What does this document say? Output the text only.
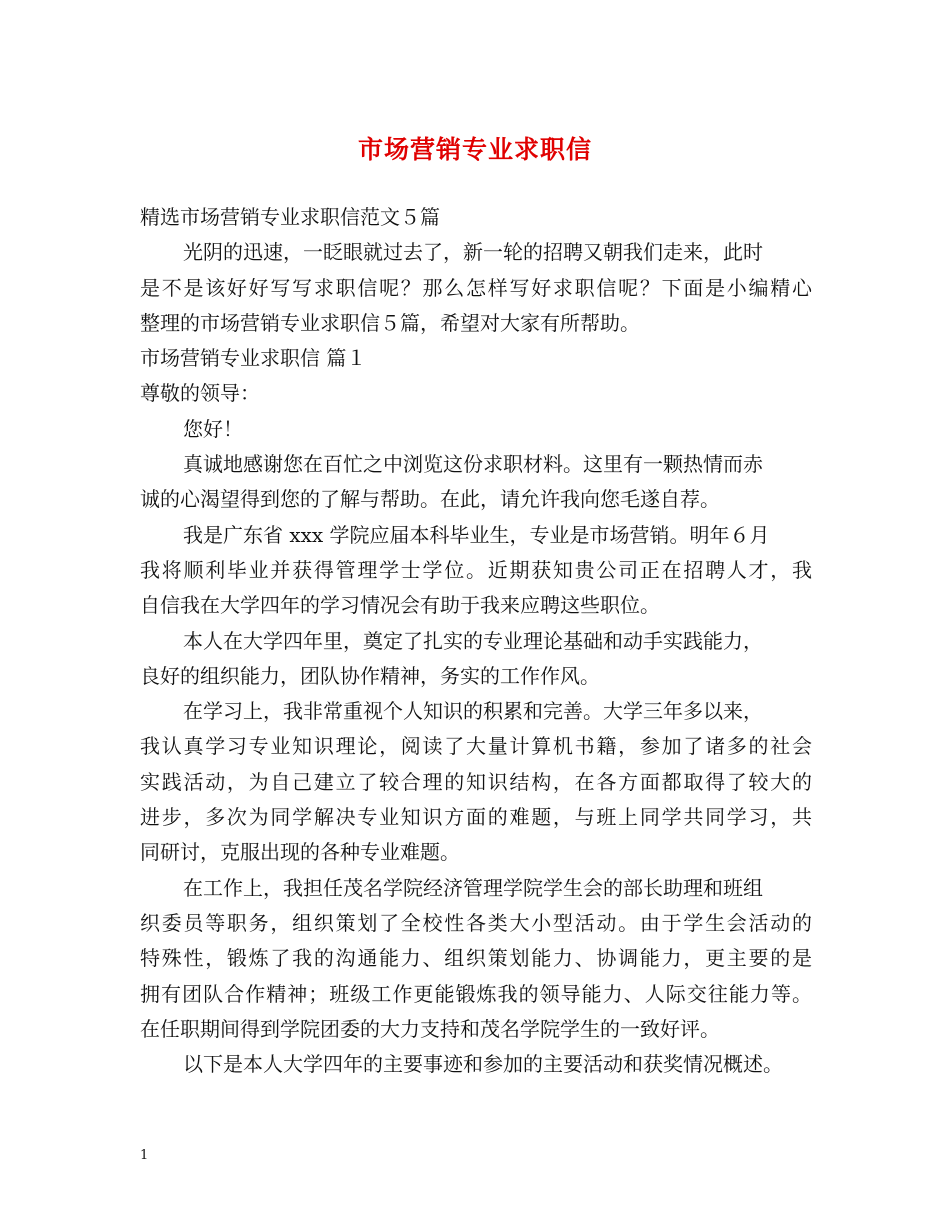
市场营销专业求职信
精选市场营销专业求职信范文５篇
光阴的迅速，一眨眼就过去了，新一轮的招聘又朝我们走来，此时
是不是该好好写写求职信呢？那么怎样写好求职信呢？下面是小编精心
整理的市场营销专业求职信５篇，希望对大家有所帮助。
市场营销专业求职信 篇１
尊敬的领导：
您好！
真诚地感谢您在百忙之中浏览这份求职材料。这里有一颗热情而赤
诚的心渴望得到您的了解与帮助。在此，请允许我向您毛遂自荐。
我是广东省 xxx 学院应届本科毕业生，专业是市场营销。明年６月
我将顺利毕业并获得管理学士学位。近期获知贵公司正在招聘人才，我
自信我在大学四年的学习情况会有助于我来应聘这些职位。
本人在大学四年里，奠定了扎实的专业理论基础和动手实践能力，
良好的组织能力，团队协作精神，务实的工作作风。
在学习上，我非常重视个人知识的积累和完善。大学三年多以来，
我认真学习专业知识理论，阅读了大量计算机书籍，参加了诸多的社会
实践活动，为自己建立了较合理的知识结构，在各方面都取得了较大的
进步，多次为同学解决专业知识方面的难题，与班上同学共同学习，共
同研讨，克服出现的各种专业难题。
在工作上，我担任茂名学院经济管理学院学生会的部长助理和班组
织委员等职务，组织策划了全校性各类大小型活动。由于学生会活动的
特殊性，锻炼了我的沟通能力、组织策划能力、协调能力，更主要的是
拥有团队合作精神；班级工作更能锻炼我的领导能力、人际交往能力等。
在任职期间得到学院团委的大力支持和茂名学院学生的一致好评。
以下是本人大学四年的主要事迹和参加的主要活动和获奖情况概述。
1
